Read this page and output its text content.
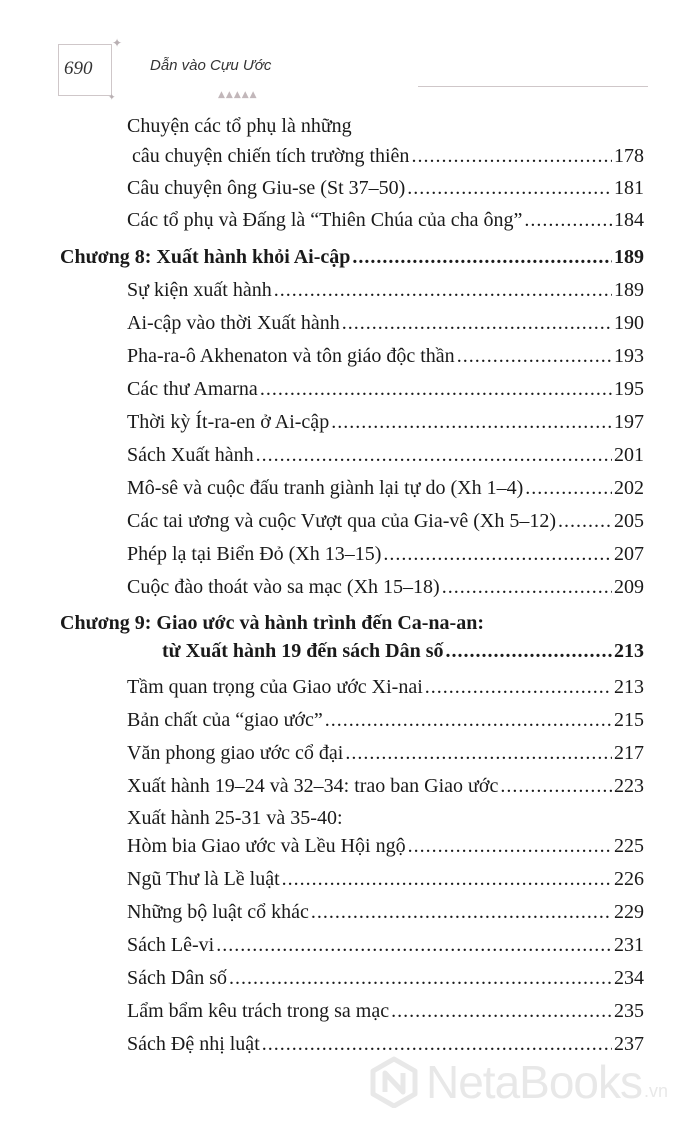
✦
✦
690	Dẫn vào Cựu Ước
▲▲▲▲▲
Chuyện các tổ phụ là những
câu chuyện chiến tích trường thiên .....	178
Câu chuyện ông Giu-se (St 37–50) .....	181
Các tổ phụ và Đấng là “Thiên Chúa của cha ông” .....	184
Chương 8: Xuất hành khỏi Ai-cập .....	189
Sự kiện xuất hành .....	189
Ai-cập vào thời Xuất hành .....	190
Pha-ra-ô Akhenaton và tôn giáo độc thần .....	193
Các thư Amarna .....	195
Thời kỳ Ít-ra-en ở Ai-cập .....	197
Sách Xuất hành .....	201
Mô-sê và cuộc đấu tranh giành lại tự do (Xh 1–4) .....	202
Các tai ương và cuộc Vượt qua của Gia-vê (Xh 5–12) .....	205
Phép lạ tại Biển Đỏ (Xh 13–15) .....	207
Cuộc đào thoát vào sa mạc (Xh 15–18) .....	209
Chương 9: Giao ước và hành trình đến Ca-na-an:
từ Xuất hành 19 đến sách Dân số .....	213
Tầm quan trọng của Giao ước Xi-nai .....	213
Bản chất của “giao ước” .....	215
Văn phong giao ước cổ đại .....	217
Xuất hành 19–24 và 32–34: trao ban Giao ước .....	223
Xuất hành 25-31 và 35-40:
Hòm bia Giao ước và Lều Hội ngộ .....	225
Ngũ Thư là Lề luật .....	226
Những bộ luật cổ khác .....	229
Sách Lê-vi .....	231
Sách Dân số .....	234
Lẩm bẩm kêu trách trong sa mạc .....	235
Sách Đệ nhị luật .....	237
NetaBooks .vn
